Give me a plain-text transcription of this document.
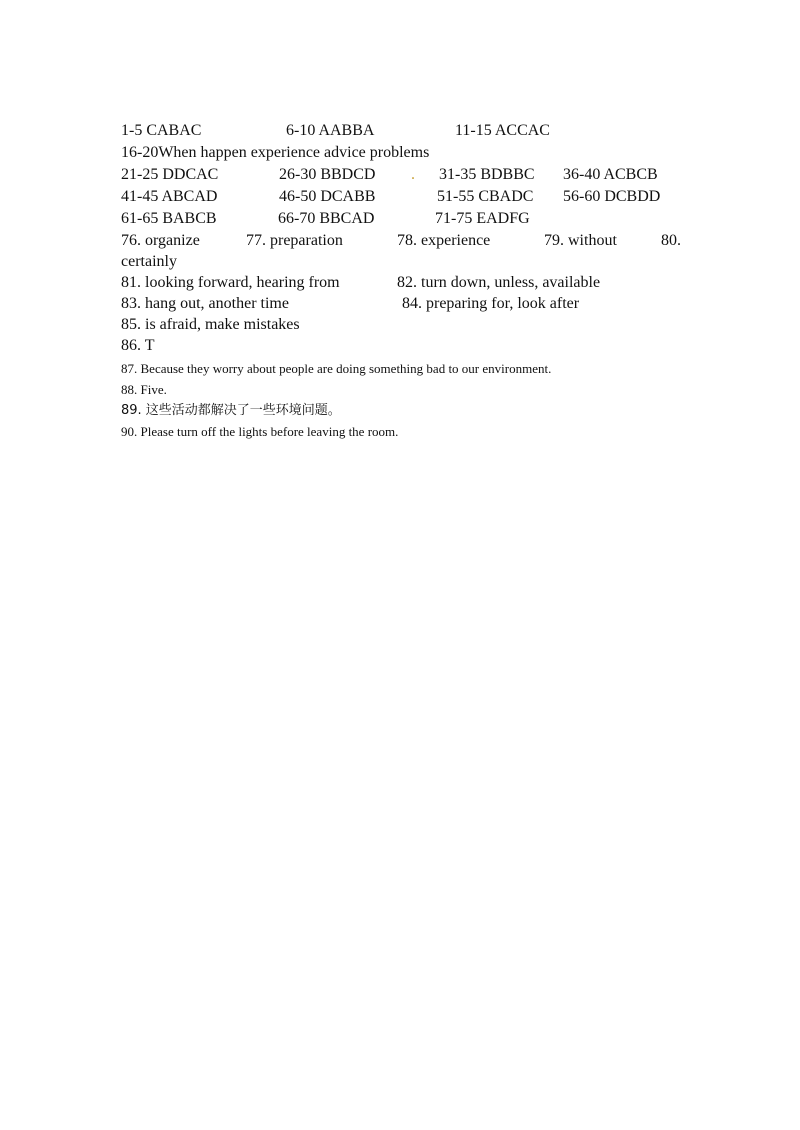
1-5 CABAC	6-10 AABBA	11-15 ACCAC
16-20When happen experience advice problems
21-25 DDCAC	26-30 BBDCD . 31-35 BDBBC 36-40 ACBCB
41-45 ABCAD	46-50 DCABB	51-55 CBADC 56-60 DCBDD
61-65 BABCB	66-70 BBCAD	71-75 EADFG
76. organize	77. preparation	78. experience	79. without	80.
certainly
81. looking forward, hearing from	82. turn down, unless, available
83. hang out, another time	84. preparing for, look after
85. is afraid, make mistakes
86. T
87. Because they worry about people are doing something bad to our environment.
88. Five.
89. 这些活动都解决了一些环境问题。
90. Please turn off the lights before leaving the room.
